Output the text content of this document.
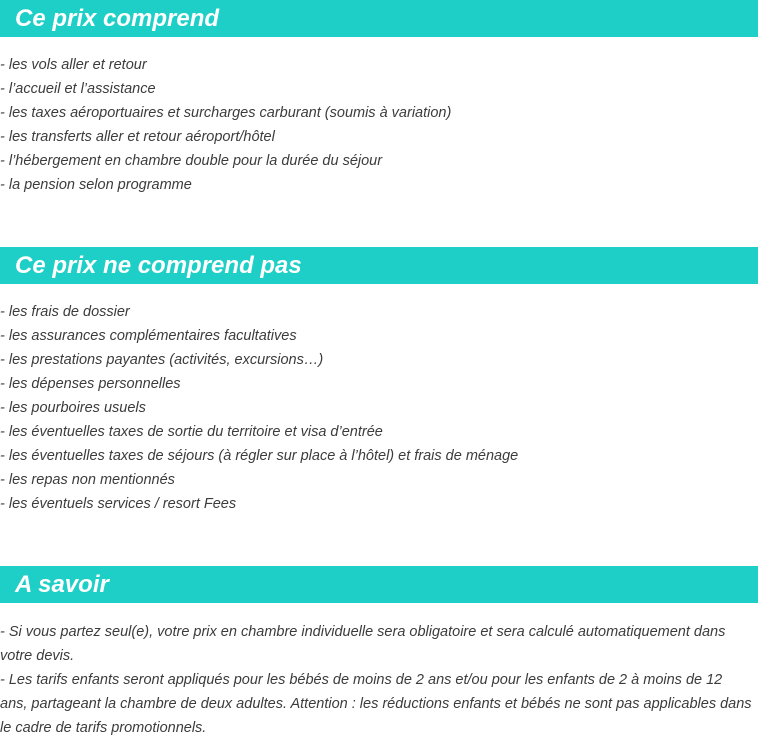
Ce prix comprend
- les vols aller et retour
- l’accueil et l’assistance
- les taxes aéroportuaires et surcharges carburant (soumis à variation)
- les transferts aller et retour aéroport/hôtel
- l’hébergement en chambre double pour la durée du séjour
- la pension selon programme
Ce prix ne comprend pas
- les frais de dossier
- les assurances complémentaires facultatives
- les prestations payantes (activités, excursions…)
- les dépenses personnelles
- les pourboires usuels
- les éventuelles taxes de sortie du territoire et visa d’entrée
- les éventuelles taxes de séjours (à régler sur place à l’hôtel) et frais de ménage
- les repas non mentionnés
- les éventuels services / resort Fees
A savoir

- Si vous partez seul(e), votre prix en chambre individuelle sera obligatoire et sera calculé automatiquement dans votre devis.

- Les tarifs enfants seront appliqués pour les bébés de moins de 2 ans et/ou pour les enfants de 2 à moins de 12 ans, partageant la chambre de deux adultes. Attention : les réductions enfants et bébés ne sont pas applicables dans le cadre de tarifs promotionnels.
